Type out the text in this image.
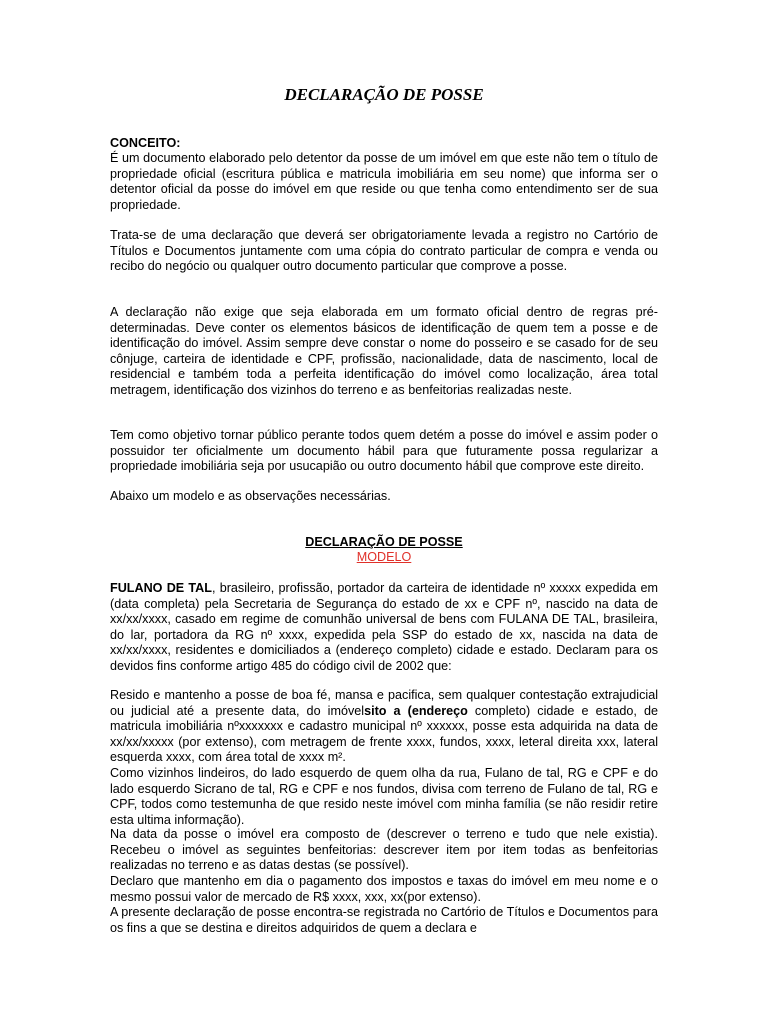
DECLARAÇÃO DE POSSE
CONCEITO:

É um documento elaborado pelo detentor da posse de um imóvel em que este não tem o título de propriedade oficial (escritura pública e matricula imobiliária em seu nome) que informa ser o detentor oficial da posse do imóvel em que reside ou que tenha como entendimento ser de sua propriedade.

Trata-se de uma declaração que deverá ser obrigatoriamente levada a registro no Cartório de Títulos e Documentos juntamente com uma cópia do contrato particular de compra e venda ou recibo do negócio ou qualquer outro documento particular que comprove a posse.

A declaração não exige que seja elaborada em um formato oficial dentro de regras pré-determinadas. Deve conter os elementos básicos de identificação de quem tem a posse e de identificação do imóvel. Assim sempre deve constar o nome do posseiro e se casado for de seu cônjuge, carteira de identidade e CPF, profissão, nacionalidade, data de nascimento, local de residencial e também toda a perfeita identificação do imóvel como localização, área total metragem, identificação dos vizinhos do terreno e as benfeitorias realizadas neste.

Tem como objetivo tornar público perante todos quem detém a posse do imóvel e assim poder o possuidor ter oficialmente um documento hábil para que futuramente possa regularizar a propriedade imobiliária seja por usucapião ou outro documento hábil que comprove este direito.

Abaixo um modelo e as observações necessárias.

DECLARAÇÃO DE POSSE
MODELO

FULANO DE TAL, brasileiro, profissão, portador da carteira de identidade nº xxxxx expedida em (data completa) pela Secretaria de Segurança do estado de xx e CPF nº, nascido na data de xx/xx/xxxx, casado em regime de comunhão universal de bens com FULANA DE TAL, brasileira, do lar, portadora da RG nº xxxx, expedida pela SSP do estado de xx, nascida na data de xx/xx/xxxx, residentes e domiciliados a (endereço completo) cidade e estado. Declaram para os devidos fins conforme artigo 485 do código civil de 2002 que:

Resido e mantenho a posse de boa fé, mansa e pacifica, sem qualquer contestação extrajudicial ou judicial até a presente data, do imóvelsito a (endereço completo) cidade e estado, de matricula imobiliária nºxxxxxxx e cadastro municipal nº xxxxxx, posse esta adquirida na data de xx/xx/xxxxx (por extenso), com metragem de frente xxxx, fundos, xxxx, leteral direita xxx, lateral esquerda xxxx, com área total de xxxx m².

Como vizinhos lindeiros, do lado esquerdo de quem olha da rua, Fulano de tal, RG e CPF e do lado esquerdo Sicrano de tal, RG e CPF e nos fundos, divisa com terreno de Fulano de tal, RG e CPF, todos como testemunha de que resido neste imóvel com minha família (se não residir retire esta ultima informação).

Na data da posse o imóvel era composto de (descrever o terreno e tudo que nele existia). Recebeu o imóvel as seguintes benfeitorias: descrever item por item todas as benfeitorias realizadas no terreno e as datas destas (se possível).

Declaro que mantenho em dia o pagamento dos impostos e taxas do imóvel em meu nome e o mesmo possui valor de mercado de R$ xxxx, xxx, xx(por extenso).

A presente declaração de posse encontra-se registrada no Cartório de Títulos e Documentos para os fins a que se destina e direitos adquiridos de quem a declara e
